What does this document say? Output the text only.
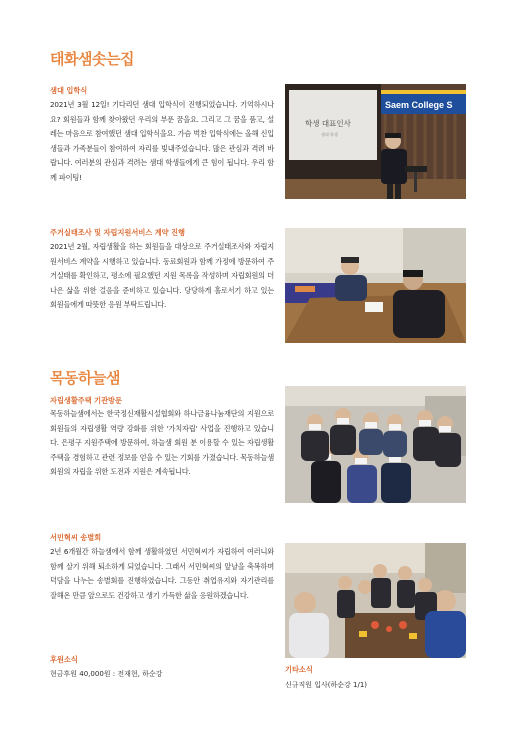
태화샘솟는집
샘대 입학식
2021년 3월 12일! 기다리던 샘대 입학식이 진행되었습니다. 기억하시나요? 회원들과 함께 찾아왔던 우리의 부푼 꿈을요. 그리고 그 꿈을 품고, 설레는 마음으로 참여했던 샘대 입학식을요. 가슴 벅찬 입학식에는 올해 신입생들과 가족분들이 참여하여 자리를 빛내주었습니다. 많은 관심과 격려 바랍니다. 여러분의 관심과 격려는 샘대 학생들에게 큰 힘이 됩니다. 우리 함께 파이팅!
Saem College S
학생 대표인사
샘대 학생
주거실태조사 및 자립지원서비스 계약 진행
2021년 2월, 자립생활을 하는 회원들을 대상으로 주거실태조사와 자립지원서비스 계약을 시행하고 있습니다. 동료회원과 함께 가정에 방문하여 주거실태를 확인하고, 평소에 필요했던 지원 목록을 작성하며 자립회원의 더 나은 삶을 위한 걸음을 준비하고 있습니다. 당당하게 홀로서기 하고 있는 회원들에게 따뜻한 응원 부탁드립니다.
목동하늘샘
자립생활주택 기관방문
목동하늘샘에서는 한국정신재활시설협회와 하나금융나눔재단의 지원으로 회원들의 자립생활 역량 강화를 위한 '가치자립' 사업을 진행하고 있습니다. 은평구 지원주택에 방문하여, 하늘샘 회원 분 이용할 수 있는 자립생활주택을 경험하고 관련 정보를 얻을 수 있는 기회를 가졌습니다. 목동하늘샘 회원의 자립을 위한 도전과 지원은 계속됩니다.
서민혁씨 송별회
2년 6개월간 하늘샘에서 함께 생활하였던 서민혁씨가 자립하여 여러니와 함께 살기 위해 퇴소하게 되었습니다. 그래서 서민혁씨의 앞날을 축복하며 덕담을 나누는 송별회를 진행하였습니다. 그동안 취업유지와 자기관리를 잘해온 만큼 앞으로도 건강하고 생기 가득한 삶을 응원하겠습니다.
후원소식
현금후원 40,000원 : 전재현, 하순강	기타소식
신규직원 입사(하순강 1/1)
